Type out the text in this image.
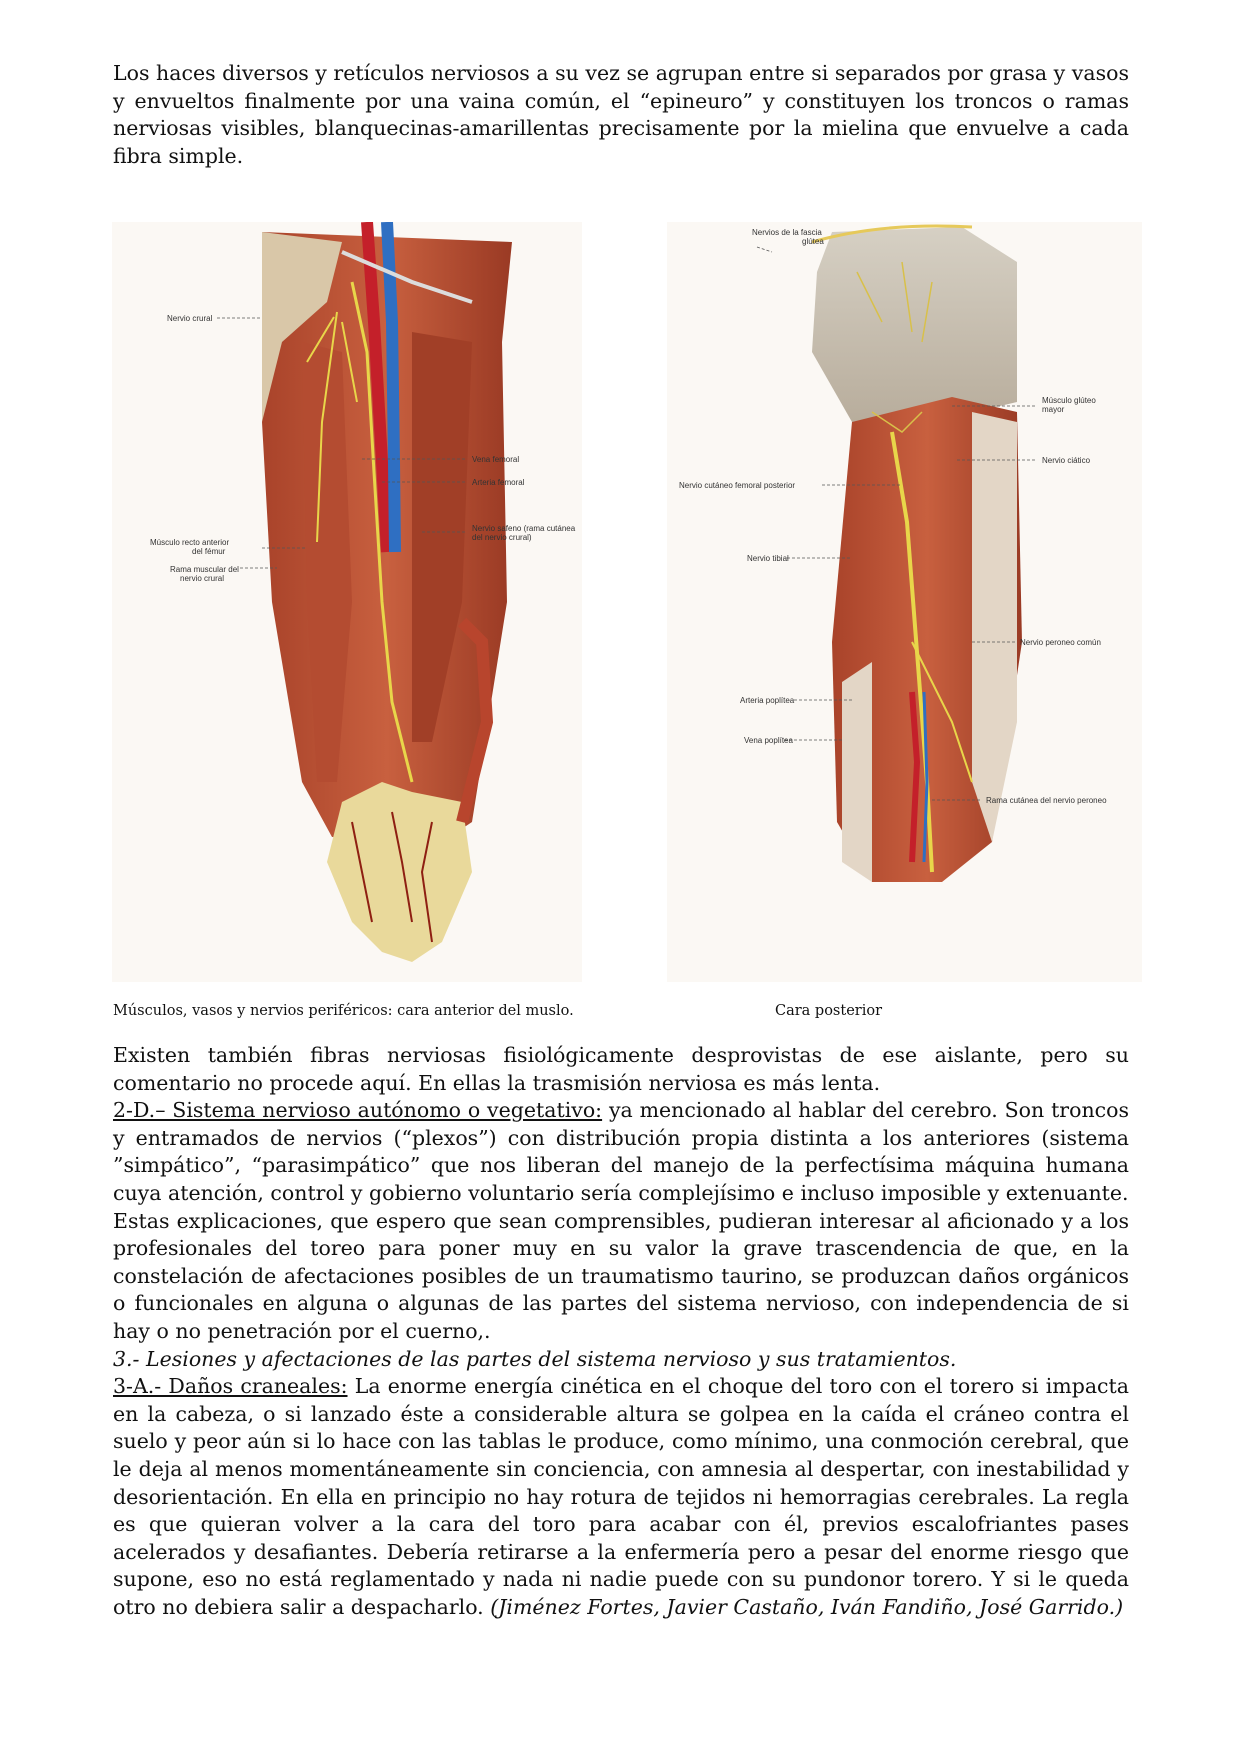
Los haces diversos y retículos nerviosos a su vez se agrupan entre si separados por grasa y vasos y envueltos finalmente por una vaina común, el “epineuro” y constituyen los troncos o ramas nerviosas visibles, blanquecinas-amarillentas precisamente por la mielina que envuelve a cada fibra simple.
Nervio crural
Vena femoral
Arteria femoral
Nervio safeno (rama cutánea
del nervio crural)
Músculo recto anterior
del fémur
Rama muscular del
nervio crural
Nervios de la fascia
glútea
Músculo glúteo
mayor
Nervio ciático
Nervio cutáneo femoral posterior
Nervio tibial
Nervio peroneo común
Arteria poplítea
Vena poplítea
Rama cutánea del nervio peroneo
Músculos, vasos y nervios periféricos: cara anterior del muslo.	Cara posterior
Existen también fibras nerviosas fisiológicamente desprovistas de ese aislante, pero su comentario no procede aquí. En ellas la trasmisión nerviosa es más lenta.
2-D.– Sistema nervioso autónomo o vegetativo: ya mencionado al hablar del cerebro. Son troncos y entramados de nervios (“plexos”) con distribución propia distinta a los anteriores (sistema ”simpático”, “parasimpático” que nos liberan del manejo de la perfectísima máquina humana cuya atención, control y gobierno voluntario sería complejísimo e incluso imposible y extenuante.
Estas explicaciones, que espero que sean comprensibles, pudieran interesar al aficionado y a los profesionales del toreo para poner muy en su valor la grave trascendencia de que, en la constelación de afectaciones posibles de un traumatismo taurino, se produzcan daños orgánicos o funcionales en alguna o algunas de las partes del sistema nervioso, con independencia de si hay o no penetración por el cuerno,.
3.- Lesiones y afectaciones de las partes del sistema nervioso y sus tratamientos.
3-A.- Daños craneales: La enorme energía cinética en el choque del toro con el torero si impacta en la cabeza, o si lanzado éste a considerable altura se golpea en la caída el cráneo contra el suelo y peor aún si lo hace con las tablas le produce, como mínimo, una conmoción cerebral, que le deja al menos momentáneamente sin conciencia, con amnesia al despertar, con inestabilidad y desorientación. En ella en principio no hay rotura de tejidos ni hemorragias cerebrales. La regla es que quieran volver a la cara del toro para acabar con él, previos escalofriantes pases acelerados y desafiantes. Debería retirarse a la enfermería pero a pesar del enorme riesgo que supone, eso no está reglamentado y nada ni nadie puede con su pundonor torero. Y si le queda otro no debiera salir a despacharlo. (Jiménez Fortes, Javier Castaño, Iván Fandiño, José Garrido.)
